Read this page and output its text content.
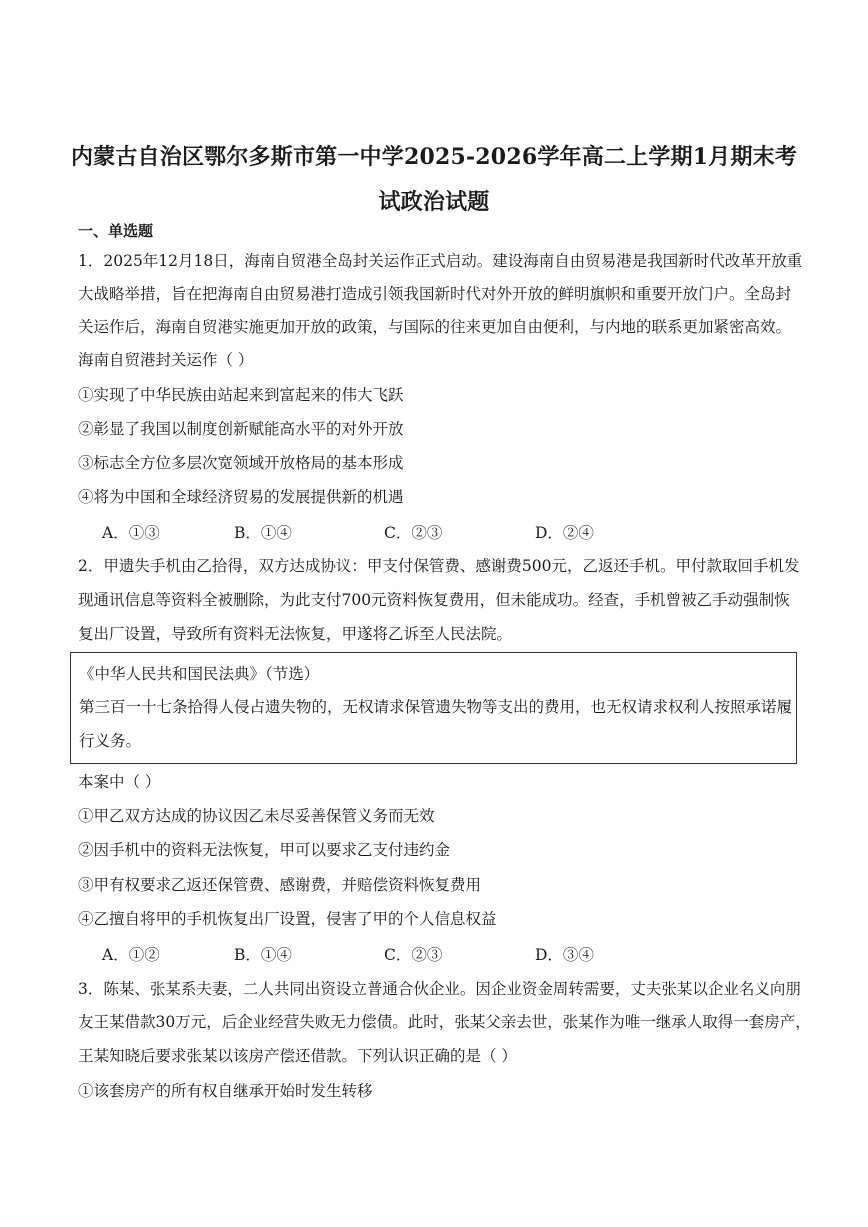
内蒙古自治区鄂尔多斯市第一中学2025-2026学年高二上学期1月期末考
试政治试题
一、单选题
1．2025年12月18日，海南自贸港全岛封关运作正式启动。建设海南自由贸易港是我国新时代改革开放重
大战略举措，旨在把海南自由贸易港打造成引领我国新时代对外开放的鲜明旗帜和重要开放门户。全岛封
关运作后，海南自贸港实施更加开放的政策，与国际的往来更加自由便利，与内地的联系更加紧密高效。
海南自贸港封关运作（ ）
①实现了中华民族由站起来到富起来的伟大飞跃
②彰显了我国以制度创新赋能高水平的对外开放
③标志全方位多层次宽领域开放格局的基本形成
④将为中国和全球经济贸易的发展提供新的机遇
A．①③	B．①④	C．②③	D．②④
2．甲遗失手机由乙拾得，双方达成协议：甲支付保管费、感谢费500元，乙返还手机。甲付款取回手机发
现通讯信息等资料全被删除，为此支付700元资料恢复费用，但未能成功。经查，手机曾被乙手动强制恢
复出厂设置，导致所有资料无法恢复，甲遂将乙诉至人民法院。
《中华人民共和国民法典》（节选）
第三百一十七条拾得人侵占遗失物的，无权请求保管遗失物等支出的费用，也无权请求权利人按照承诺履
行义务。
本案中（ ）
①甲乙双方达成的协议因乙未尽妥善保管义务而无效
②因手机中的资料无法恢复，甲可以要求乙支付违约金
③甲有权要求乙返还保管费、感谢费，并赔偿资料恢复费用
④乙擅自将甲的手机恢复出厂设置，侵害了甲的个人信息权益
A．①②	B．①④	C．②③	D．③④
3．陈某、张某系夫妻，二人共同出资设立普通合伙企业。因企业资金周转需要，丈夫张某以企业名义向朋
友王某借款30万元，后企业经营失败无力偿债。此时，张某父亲去世，张某作为唯一继承人取得一套房产，
王某知晓后要求张某以该房产偿还借款。下列认识正确的是（ ）
①该套房产的所有权自继承开始时发生转移
